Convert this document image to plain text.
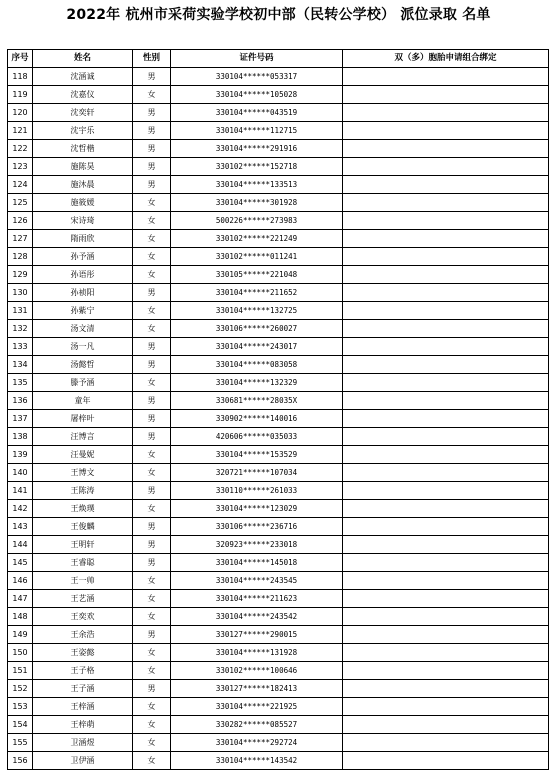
2022年 杭州市采荷实验学校初中部（民转公学校） 派位录取 名单
序号	姓名	性别	证件号码	双（多）胞胎申请组合绑定
118	沈涵诚	男	330104******053317	
119	沈嘉仪	女	330104******105028	
120	沈奕轩	男	330104******043519	
121	沈宇乐	男	330104******112715	
122	沈哲楷	男	330104******291916	
123	施陈昊	男	330102******152718	
124	施沐晨	男	330104******133513	
125	施筱媛	女	330104******301928	
126	宋诗琦	女	500226******273983	
127	隋雨欣	女	330102******221249	
128	孙予涵	女	330102******011241	
129	孙语彤	女	330105******221048	
130	孙祯阳	男	330104******211652	
131	孙紫宁	女	330104******132725	
132	汤文清	女	330106******260027	
133	汤一凡	男	330104******243017	
134	汤懿哲	男	330104******083058	
135	滕予涵	女	330104******132329	
136	童年	男	330681******28035X	
137	屠梓叶	男	330902******140016	
138	汪博言	男	420606******035033	
139	汪曼妮	女	330104******153529	
140	王博文	女	320721******107034	
141	王陈涛	男	330110******261033	
142	王焕璞	女	330104******123029	
143	王俊麟	男	330106******236716	
144	王明轩	男	320923******233018	
145	王睿聪	男	330104******145018	
146	王一帅	女	330104******243545	
147	王艺涵	女	330104******211623	
148	王奕欢	女	330104******243542	
149	王余浩	男	330127******290015	
150	王姿懿	女	330104******131928	
151	王子格	女	330102******100646	
152	王子涵	男	330127******182413	
153	王梓涵	女	330104******221925	
154	王梓萌	女	330282******085527	
155	卫涵煜	女	330104******292724	
156	卫伊涵	女	330104******143542	
